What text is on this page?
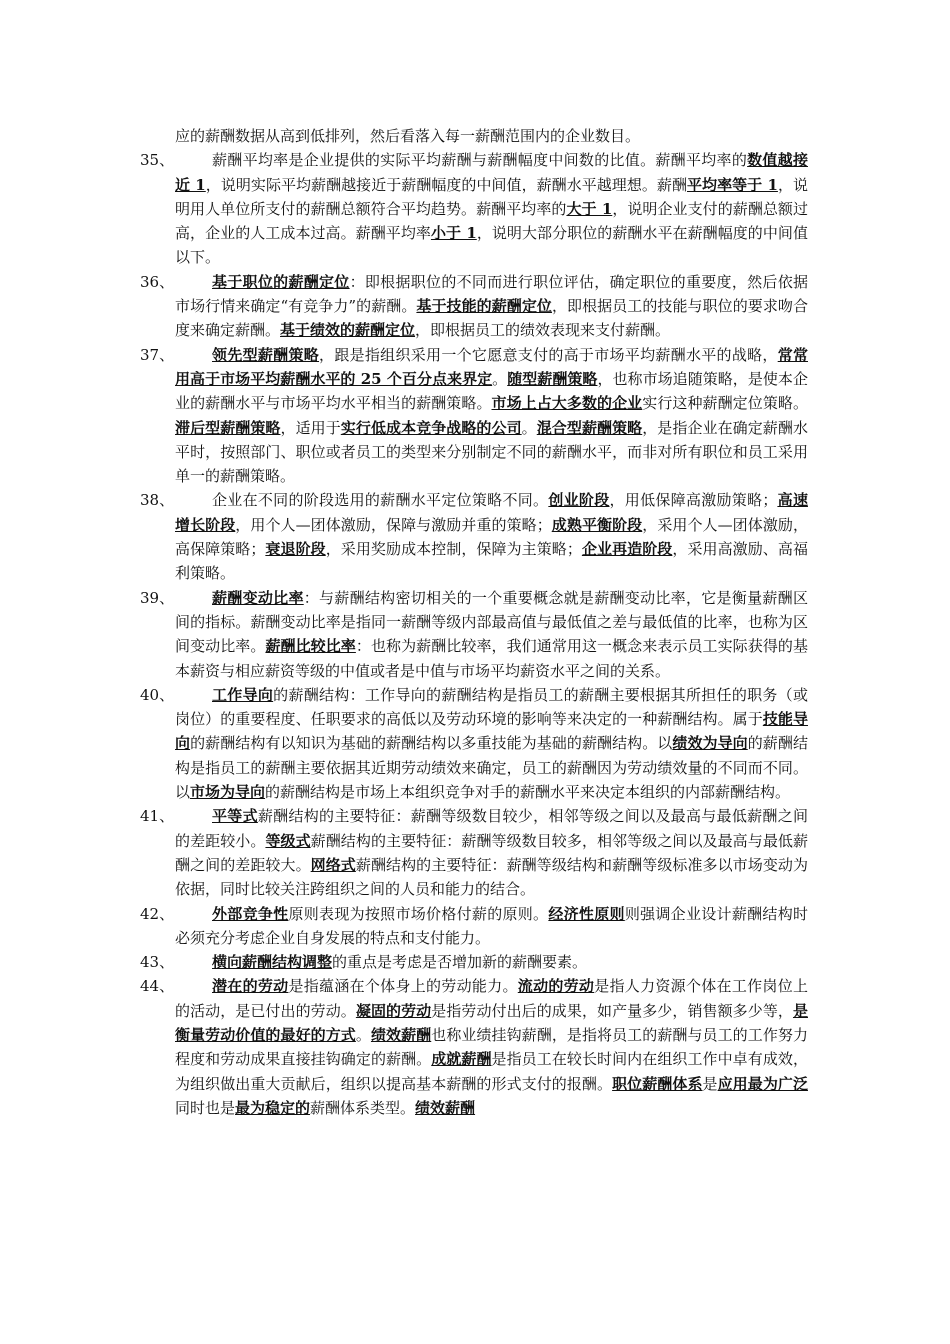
应的薪酬数据从高到低排列，然后看落入每一薪酬范围内的企业数目。
35、	薪酬平均率是企业提供的实际平均薪酬与薪酬幅度中间数的比值。薪酬平均率的数值越接近 1，说明实际平均薪酬越接近于薪酬幅度的中间值，薪酬水平越理想。薪酬平均率等于 1，说明用人单位所支付的薪酬总额符合平均趋势。薪酬平均率的大于 1，说明企业支付的薪酬总额过高，企业的人工成本过高。薪酬平均率小于 1，说明大部分职位的薪酬水平在薪酬幅度的中间值以下。
36、	基于职位的薪酬定位：即根据职位的不同而进行职位评估，确定职位的重要度，然后依据市场行情来确定“有竞争力”的薪酬。基于技能的薪酬定位，即根据员工的技能与职位的要求吻合度来确定薪酬。基于绩效的薪酬定位，即根据员工的绩效表现来支付薪酬。
37、	领先型薪酬策略，跟是指组织采用一个它愿意支付的高于市场平均薪酬水平的战略，常常用高于市场平均薪酬水平的 25 个百分点来界定。随型薪酬策略，也称市场追随策略，是使本企业的薪酬水平与市场平均水平相当的薪酬策略。市场上占大多数的企业实行这种薪酬定位策略。滞后型薪酬策略，适用于实行低成本竞争战略的公司。混合型薪酬策略，是指企业在确定薪酬水平时，按照部门、职位或者员工的类型来分别制定不同的薪酬水平，而非对所有职位和员工采用单一的薪酬策略。
38、	企业在不同的阶段选用的薪酬水平定位策略不同。创业阶段，用低保障高激励策略；高速增长阶段，用个人—团体激励，保障与激励并重的策略；成熟平衡阶段，采用个人—团体激励，高保障策略；衰退阶段，采用奖励成本控制，保障为主策略；企业再造阶段，采用高激励、高福利策略。
39、	薪酬变动比率：与薪酬结构密切相关的一个重要概念就是薪酬变动比率，它是衡量薪酬区间的指标。薪酬变动比率是指同一薪酬等级内部最高值与最低值之差与最低值的比率，也称为区间变动比率。薪酬比较比率：也称为薪酬比较率，我们通常用这一概念来表示员工实际获得的基本薪资与相应薪资等级的中值或者是中值与市场平均薪资水平之间的关系。
40、	工作导向的薪酬结构：工作导向的薪酬结构是指员工的薪酬主要根据其所担任的职务（或岗位）的重要程度、任职要求的高低以及劳动环境的影响等来决定的一种薪酬结构。属于技能导向的薪酬结构有以知识为基础的薪酬结构以多重技能为基础的薪酬结构。以绩效为导向的薪酬结构是指员工的薪酬主要依据其近期劳动绩效来确定，员工的薪酬因为劳动绩效量的不同而不同。以市场为导向的薪酬结构是市场上本组织竞争对手的薪酬水平来决定本组织的内部薪酬结构。
41、	平等式薪酬结构的主要特征：薪酬等级数目较少，相邻等级之间以及最高与最低薪酬之间的差距较小。等级式薪酬结构的主要特征：薪酬等级数目较多，相邻等级之间以及最高与最低薪酬之间的差距较大。网络式薪酬结构的主要特征：薪酬等级结构和薪酬等级标准多以市场变动为依据，同时比较关注跨组织之间的人员和能力的结合。
42、	外部竞争性原则表现为按照市场价格付薪的原则。经济性原则则强调企业设计薪酬结构时必须充分考虑企业自身发展的特点和支付能力。
43、	横向薪酬结构调整的重点是考虑是否增加新的薪酬要素。
44、	潜在的劳动是指蕴涵在个体身上的劳动能力。流动的劳动是指人力资源个体在工作岗位上的活动，是已付出的劳动。凝固的劳动是指劳动付出后的成果，如产量多少，销售额多少等，是衡量劳动价值的最好的方式。绩效薪酬也称业绩挂钩薪酬，是指将员工的薪酬与员工的工作努力程度和劳动成果直接挂钩确定的薪酬。成就薪酬是指员工在较长时间内在组织工作中卓有成效，为组织做出重大贡献后，组织以提高基本薪酬的形式支付的报酬。职位薪酬体系是应用最为广泛同时也是最为稳定的薪酬体系类型。绩效薪酬
